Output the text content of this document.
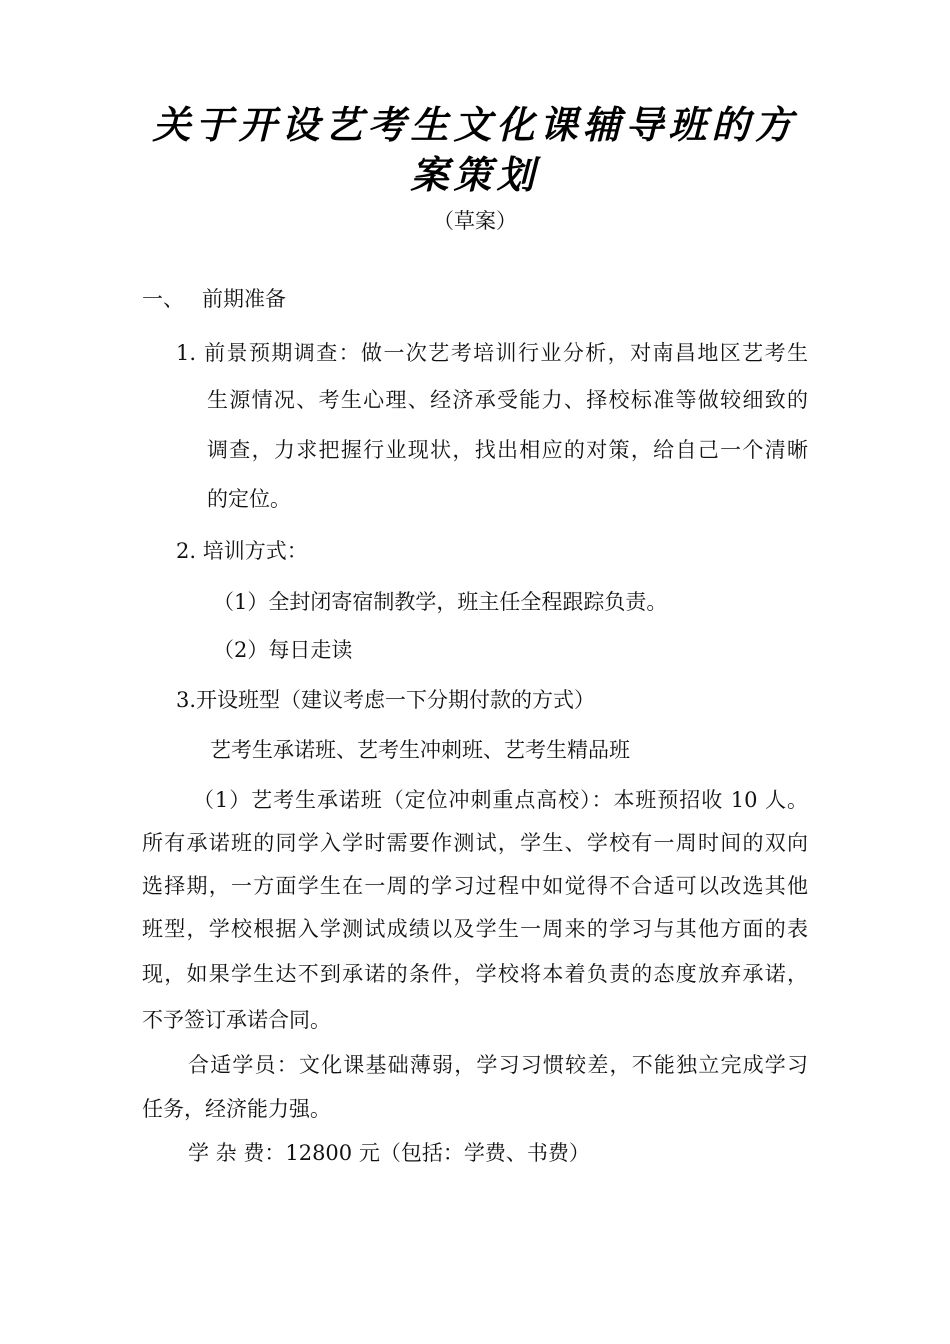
关于开设艺考生文化课辅导班的方案策划
（草案）
一、 前期准备
1. 前景预期调查：做一次艺考培训行业分析，对南昌地区艺考生
生源情况、考生心理、经济承受能力、择校标准等做较细致的
调查，力求把握行业现状，找出相应的对策，给自己一个清晰
的定位。
2. 培训方式：
（1）全封闭寄宿制教学，班主任全程跟踪负责。
（2）每日走读
3.开设班型（建议考虑一下分期付款的方式）
艺考生承诺班、艺考生冲刺班、艺考生精品班
（1）艺考生承诺班（定位冲刺重点高校）：本班预招收 10 人。
所有承诺班的同学入学时需要作测试，学生、学校有一周时间的双向
选择期，一方面学生在一周的学习过程中如觉得不合适可以改选其他
班型，学校根据入学测试成绩以及学生一周来的学习与其他方面的表
现，如果学生达不到承诺的条件，学校将本着负责的态度放弃承诺，
不予签订承诺合同。
合适学员：文化课基础薄弱，学习习惯较差，不能独立完成学习
任务，经济能力强。
学 杂 费：12800 元（包括：学费、书费）
